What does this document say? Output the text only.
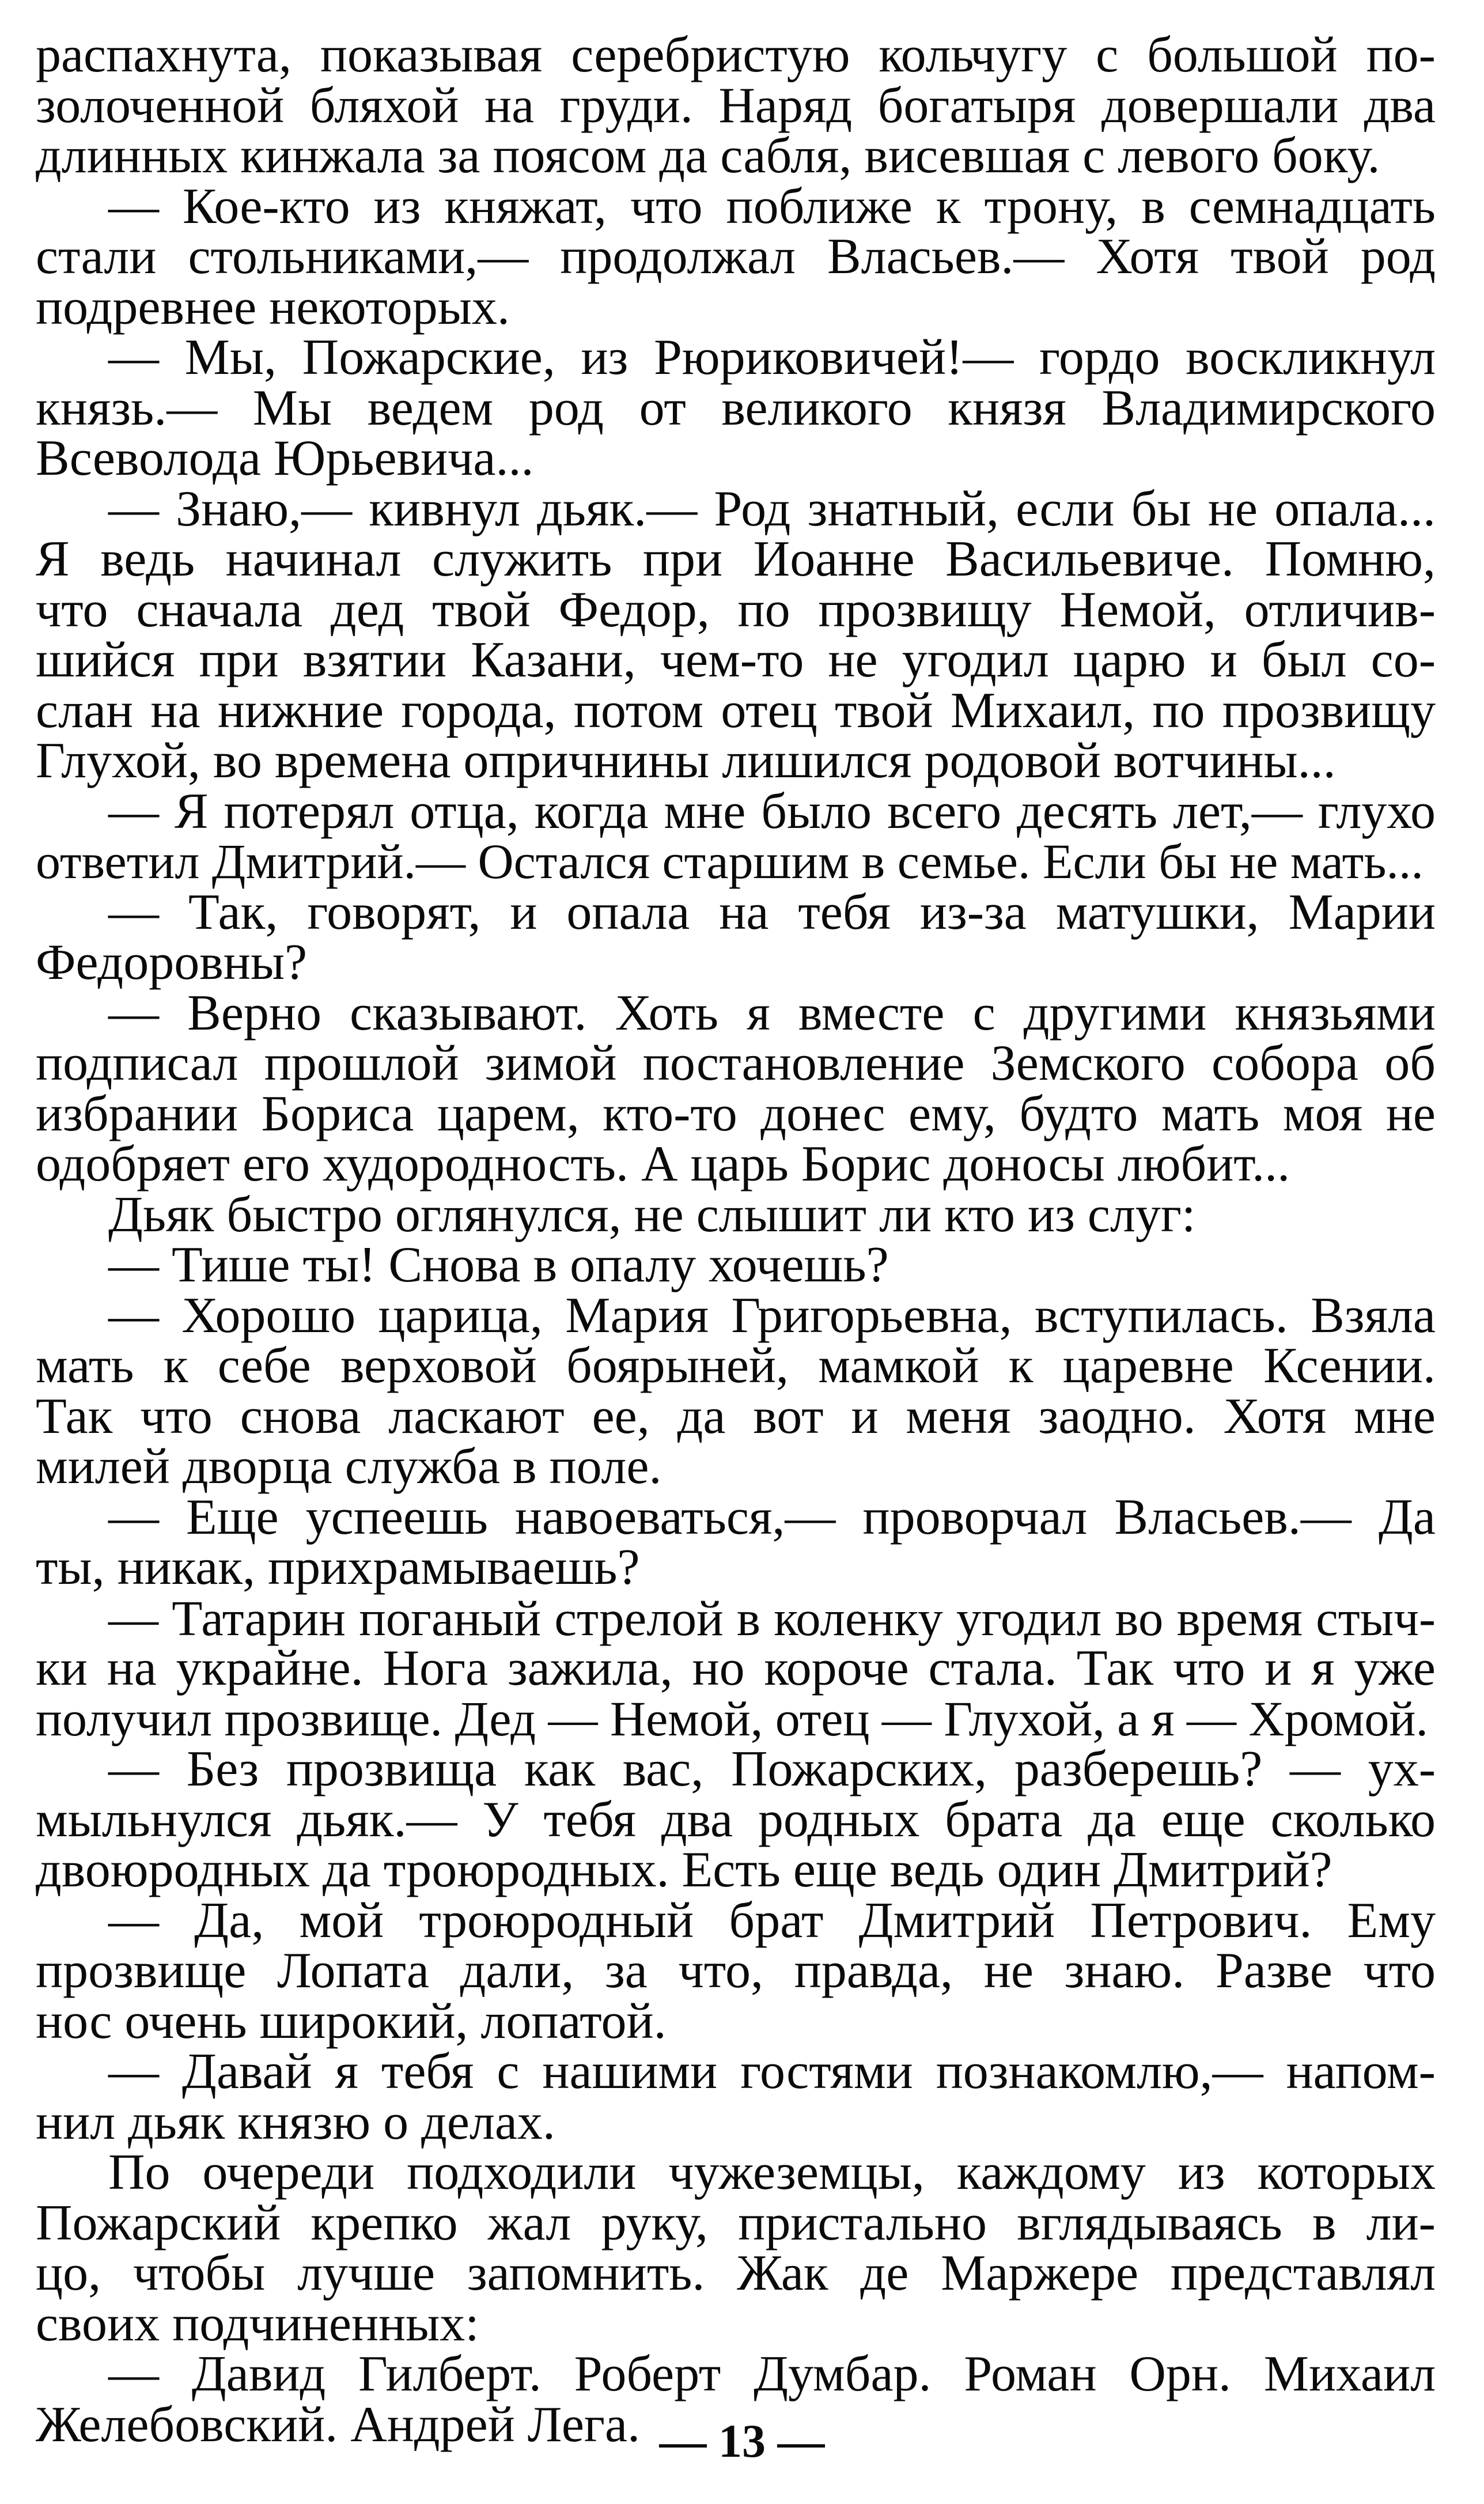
распахнута, показывая серебристую кольчугу с большой по-
золоченной бляхой на груди. Наряд богатыря довершали два
длинных кинжала за поясом да сабля, висевшая с левого боку.
— Кое-кто из княжат, что поближе к трону, в семнадцать
стали стольниками,— продолжал Власьев.— Хотя твой род
подревнее некоторых.
— Мы, Пожарские, из Рюриковичей!— гордо воскликнул
князь.— Мы ведем род от великого князя Владимирского
Всеволода Юрьевича...
— Знаю,— кивнул дьяк.— Род знатный, если бы не опала...
Я ведь начинал служить при Иоанне Васильевиче. Помню,
что сначала дед твой Федор, по прозвищу Немой, отличив-
шийся при взятии Казани, чем-то не угодил царю и был со-
слан на нижние города, потом отец твой Михаил, по прозвищу
Глухой, во времена опричнины лишился родовой вотчины...
— Я потерял отца, когда мне было всего десять лет,— глухо
ответил Дмитрий.— Остался старшим в семье. Если бы не мать...
— Так, говорят, и опала на тебя из-за матушки, Марии
Федоровны?
— Верно сказывают. Хоть я вместе с другими князьями
подписал прошлой зимой постановление Земского собора об
избрании Бориса царем, кто-то донес ему, будто мать моя не
одобряет его худородность. А царь Борис доносы любит...
Дьяк быстро оглянулся, не слышит ли кто из слуг:
— Тише ты! Снова в опалу хочешь?
— Хорошо царица, Мария Григорьевна, вступилась. Взяла
мать к себе верховой боярыней, мамкой к царевне Ксении.
Так что снова ласкают ее, да вот и меня заодно. Хотя мне
милей дворца служба в поле.
— Еще успеешь навоеваться,— проворчал Власьев.— Да
ты, никак, прихрамываешь?
— Татарин поганый стрелой в коленку угодил во время стыч-
ки на украйне. Нога зажила, но короче стала. Так что и я уже
получил прозвище. Дед — Немой, отец — Глухой, а я — Хромой.
— Без прозвища как вас, Пожарских, разберешь? — ух-
мыльнулся дьяк.— У тебя два родных брата да еще сколько
двоюродных да троюродных. Есть еще ведь один Дмитрий?
— Да, мой троюродный брат Дмитрий Петрович. Ему
прозвище Лопата дали, за что, правда, не знаю. Разве что
нос очень широкий, лопатой.
— Давай я тебя с нашими гостями познакомлю,— напом-
нил дьяк князю о делах.
По очереди подходили чужеземцы, каждому из которых
Пожарский крепко жал руку, пристально вглядываясь в ли-
цо, чтобы лучше запомнить. Жак де Маржере представлял
своих подчиненных:
— Давид Гилберт. Роберт Думбар. Роман Орн. Михаил
Желебовский. Андрей Лега. — 13 —
